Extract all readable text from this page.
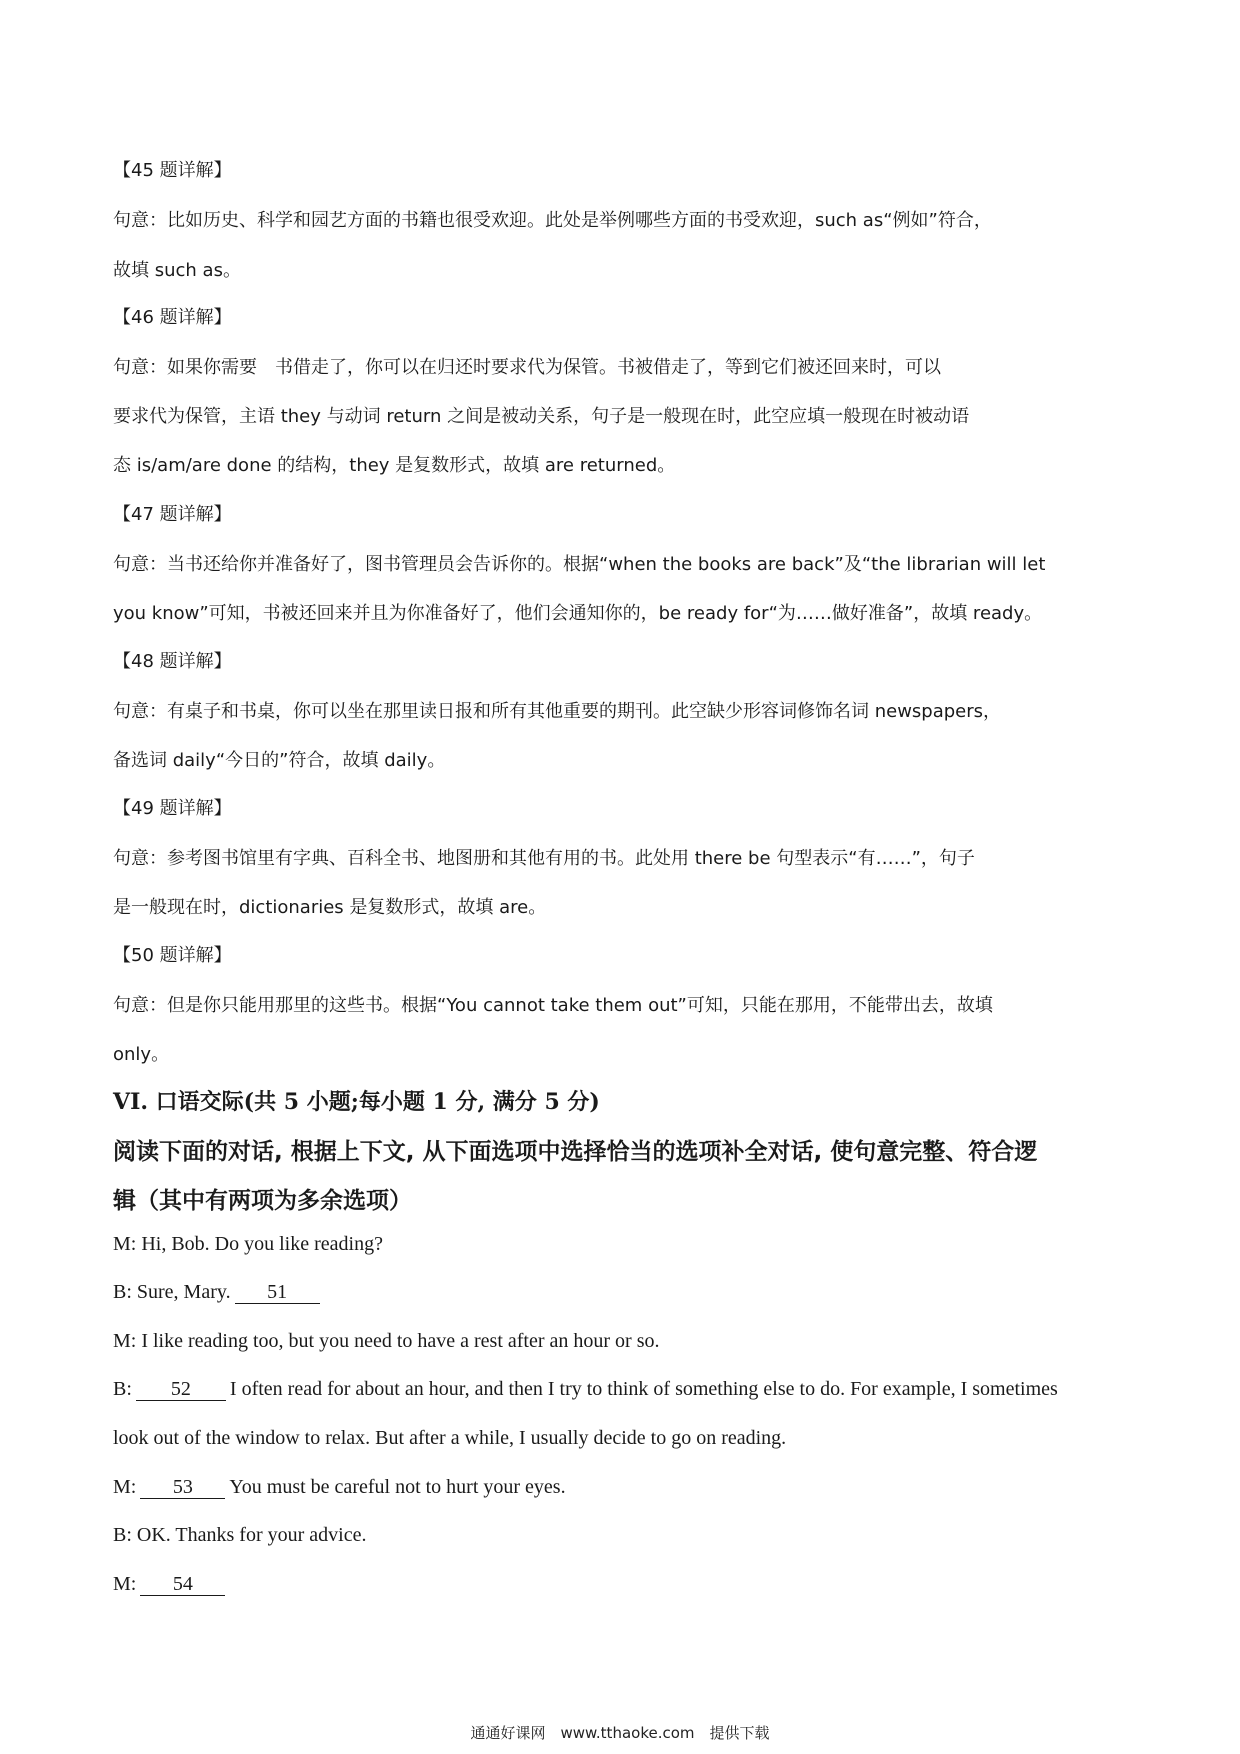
【45 题详解】
句意：比如历史、科学和园艺方面的书籍也很受欢迎。此处是举例哪些方面的书受欢迎，such as“例如”符合，
故填 such as。
【46 题详解】
句意：如果你需要　书借走了，你可以在归还时要求代为保管。书被借走了，等到它们被还回来时，可以
要求代为保管，主语 they 与动词 return 之间是被动关系，句子是一般现在时，此空应填一般现在时被动语
态 is/am/are done 的结构，they 是复数形式，故填 are returned。
【47 题详解】
句意：当书还给你并准备好了，图书管理员会告诉你的。根据“when the books are back”及“the librarian will let
you know”可知，书被还回来并且为你准备好了，他们会通知你的，be ready for“为……做好准备”，故填 ready。
【48 题详解】
句意：有桌子和书桌，你可以坐在那里读日报和所有其他重要的期刊。此空缺少形容词修饰名词 newspapers，
备选词 daily“今日的”符合，故填 daily。
【49 题详解】
句意：参考图书馆里有字典、百科全书、地图册和其他有用的书。此处用 there be 句型表示“有……”，句子
是一般现在时，dictionaries 是复数形式，故填 are。
【50 题详解】
句意：但是你只能用那里的这些书。根据“You cannot take them out”可知，只能在那用，不能带出去，故填
only。
VI. 口语交际(共 5 小题;每小题 1 分, 满分 5 分)
阅读下面的对话, 根据上下文, 从下面选项中选择恰当的选项补全对话, 使句意完整、符合逻
辑（其中有两项为多余选项）
M: Hi, Bob. Do you like reading?
B: Sure, Mary. 51
M: I like reading too, but you need to have a rest after an hour or so.
B: 52 I often read for about an hour, and then I try to think of something else to do. For example, I sometimes
look out of the window to relax. But after a while, I usually decide to go on reading.
M: 53 You must be careful not to hurt your eyes.
B: OK. Thanks for your advice.
M: 54
通通好课网　www.tthaoke.com　提供下载
